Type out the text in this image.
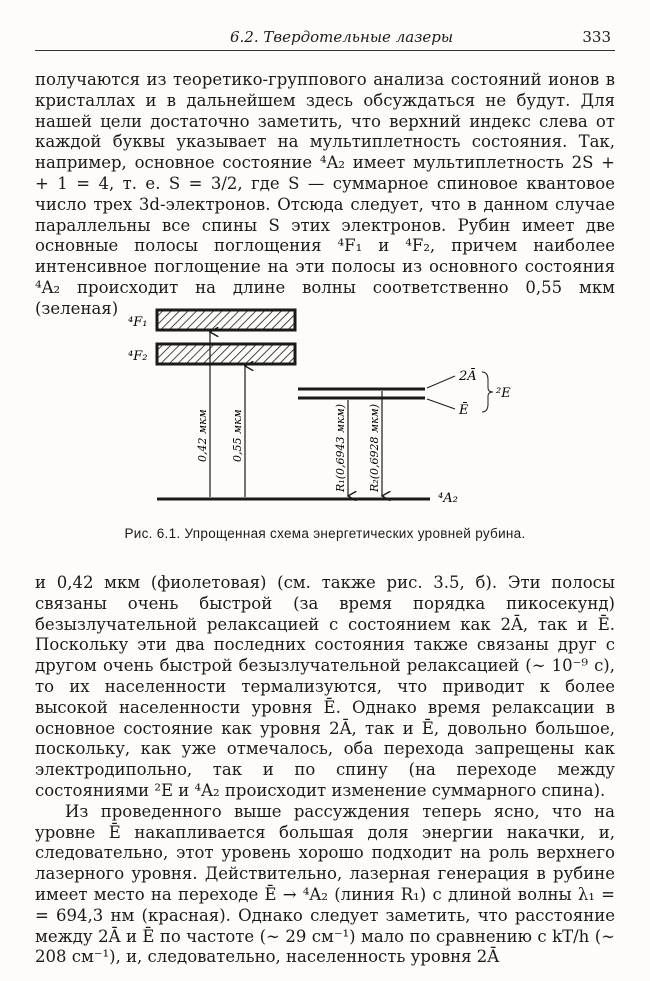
6.2. Твердотельные лазеры	333

получаются из теоретико-группового анализа состояний ионов в кристаллах и в дальнейшем здесь обсуждаться не будут. Для нашей цели достаточно заметить, что верхний индекс слева от каждой буквы указывает на мультиплетность состояния. Так, например, основное состояние ⁴A₂ имеет мультиплетность 2S + + 1 = 4, т. е. S = 3/2, где S — суммарное спиновое квантовое число трех 3d-электронов. Отсюда следует, что в данном случае параллельны все спины S этих электронов. Рубин имеет две основные полосы поглощения ⁴F₁ и ⁴F₂, причем наиболее интенсивное поглощение на эти полосы из основного состояния ⁴A₂ происходит на длине волны соответственно 0,55 мкм (зеленая)

⁴F₁
⁴F₂
2Ā
Ē
²E
⁴A₂
0,42 мкм 0,55 мкм	R₁(0,6943 мкм) R₂(0,6928 мкм)
Рис. 6.1. Упрощенная схема энергетических уровней рубина.

и 0,42 мкм (фиолетовая) (см. также рис. 3.5, б). Эти полосы связаны очень быстрой (за время порядка пикосекунд) безызлучательной релаксацией с состоянием как 2Ā, так и Ē. Поскольку эти два последних состояния также связаны друг с другом очень быстрой безызлучательной релаксацией (∼ 10⁻⁹ с), то их населенности термализуются, что приводит к более высокой населенности уровня Ē. Однако время релаксации в основное состояние как уровня 2Ā, так и Ē, довольно большое, поскольку, как уже отмечалось, оба перехода запрещены как электродипольно, так и по спину (на переходе между состояниями ²E и ⁴A₂ происходит изменение суммарного спина).

Из проведенного выше рассуждения теперь ясно, что на уровне Ē накапливается большая доля энергии накачки, и, следовательно, этот уровень хорошо подходит на роль верхнего лазерного уровня. Действительно, лазерная генерация в рубине имеет место на переходе Ē → ⁴A₂ (линия R₁) с длиной волны λ₁ = = 694,3 нм (красная). Однако следует заметить, что расстояние между 2Ā и Ē по частоте (∼ 29 см⁻¹) мало по сравнению с kT/h (∼ 208 см⁻¹), и, следовательно, населенность уровня 2Ā
